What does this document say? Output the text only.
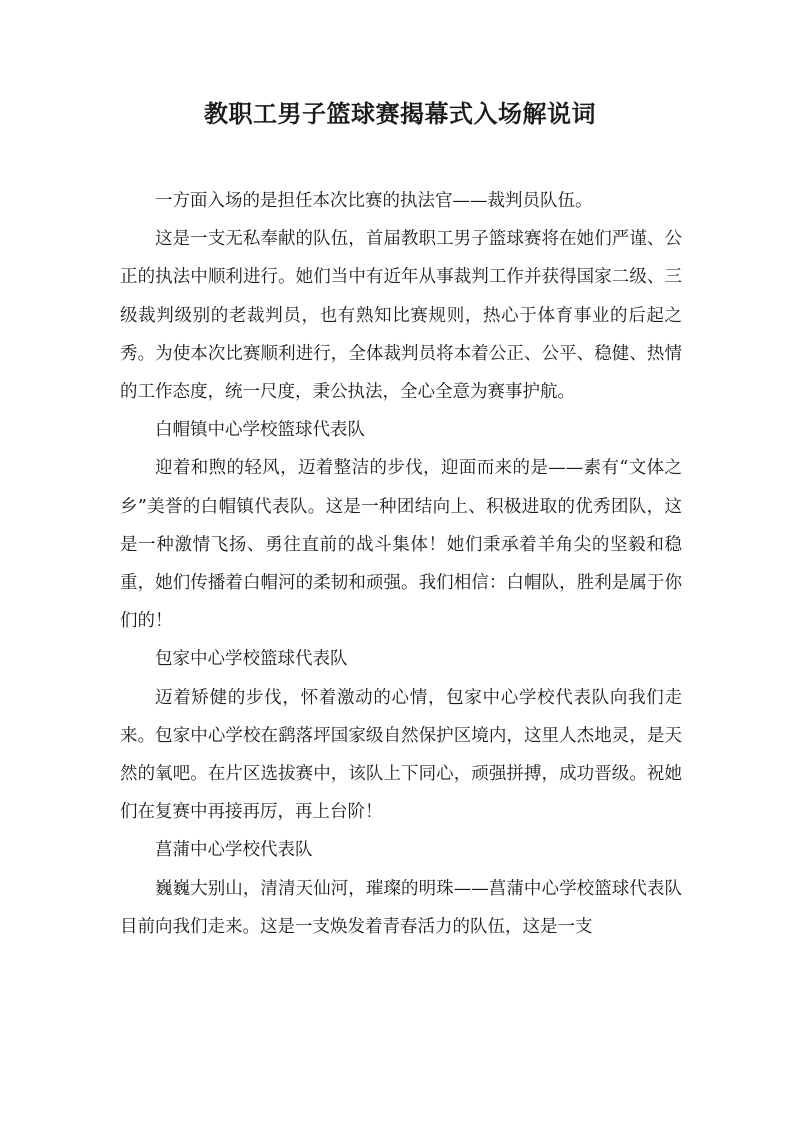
教职工男子篮球赛揭幕式入场解说词

一方面入场的是担任本次比赛的执法官——裁判员队伍。

这是一支无私奉献的队伍，首届教职工男子篮球赛将在她们严谨、公正的执法中顺利进行。她们当中有近年从事裁判工作并获得国家二级、三级裁判级别的老裁判员，也有熟知比赛规则，热心于体育事业的后起之秀。为使本次比赛顺利进行，全体裁判员将本着公正、公平、稳健、热情的工作态度，统一尺度，秉公执法，全心全意为赛事护航。

白帽镇中心学校篮球代表队

迎着和煦的轻风，迈着整洁的步伐，迎面而来的是——素有“文体之乡”美誉的白帽镇代表队。这是一种团结向上、积极进取的优秀团队，这是一种激情飞扬、勇往直前的战斗集体！她们秉承着羊角尖的坚毅和稳重，她们传播着白帽河的柔韧和顽强。我们相信：白帽队，胜利是属于你们的！

包家中心学校篮球代表队

迈着矫健的步伐，怀着激动的心情，包家中心学校代表队向我们走来。包家中心学校在鹞落坪国家级自然保护区境内，这里人杰地灵，是天然的氧吧。在片区选拔赛中，该队上下同心，顽强拼搏，成功晋级。祝她们在复赛中再接再厉，再上台阶！

菖蒲中心学校代表队

巍巍大别山，清清天仙河，璀璨的明珠——菖蒲中心学校篮球代表队目前向我们走来。这是一支焕发着青春活力的队伍，这是一支
